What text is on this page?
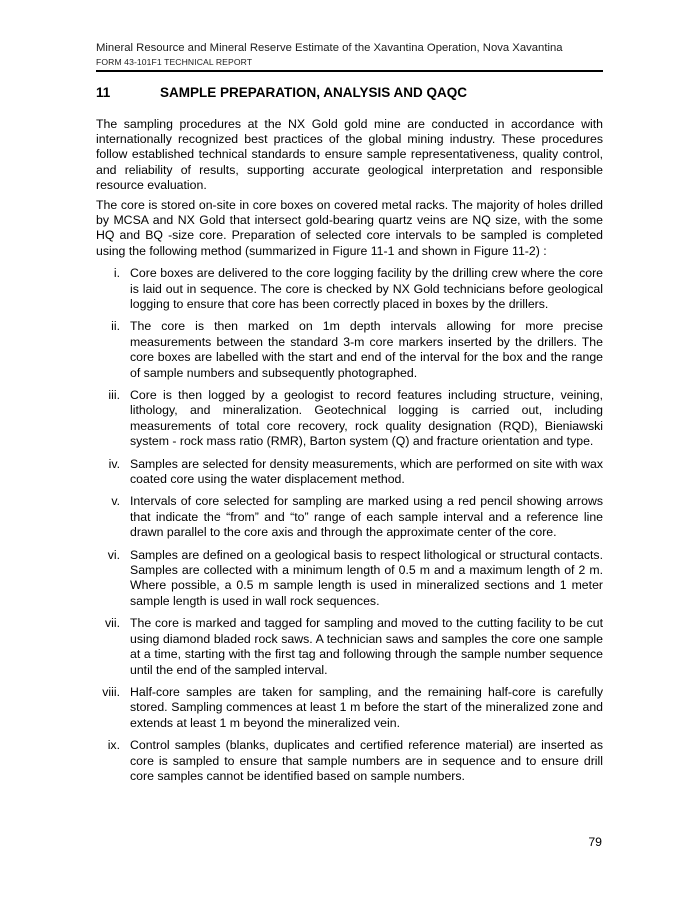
Mineral Resource and Mineral Reserve Estimate of the Xavantina Operation, Nova Xavantina
FORM 43-101F1 TECHNICAL REPORT
11	SAMPLE PREPARATION, ANALYSIS AND QAQC

The sampling procedures at the NX Gold gold mine are conducted in accordance with internationally recognized best practices of the global mining industry. These procedures follow established technical standards to ensure sample representativeness, quality control, and reliability of results, supporting accurate geological interpretation and responsible resource evaluation.

The core is stored on-site in core boxes on covered metal racks. The majority of holes drilled by MCSA and NX Gold that intersect gold-bearing quartz veins are NQ size, with the some HQ and BQ -size core. Preparation of selected core intervals to be sampled is completed using the following method (summarized in Figure 11-1 and shown in Figure 11-2) :

i. Core boxes are delivered to the core logging facility by the drilling crew where the core is laid out in sequence. The core is checked by NX Gold technicians before geological logging to ensure that core has been correctly placed in boxes by the drillers.
ii. The core is then marked on 1m depth intervals allowing for more precise measurements between the standard 3-m core markers inserted by the drillers. The core boxes are labelled with the start and end of the interval for the box and the range of sample numbers and subsequently photographed.
iii. Core is then logged by a geologist to record features including structure, veining, lithology, and mineralization. Geotechnical logging is carried out, including measurements of total core recovery, rock quality designation (RQD), Bieniawski system - rock mass ratio (RMR), Barton system (Q) and fracture orientation and type.
iv. Samples are selected for density measurements, which are performed on site with wax coated core using the water displacement method.
v. Intervals of core selected for sampling are marked using a red pencil showing arrows that indicate the “from” and “to” range of each sample interval and a reference line drawn parallel to the core axis and through the approximate center of the core.
vi. Samples are defined on a geological basis to respect lithological or structural contacts. Samples are collected with a minimum length of 0.5 m and a maximum length of 2 m. Where possible, a 0.5 m sample length is used in mineralized sections and 1 meter sample length is used in wall rock sequences.
vii. The core is marked and tagged for sampling and moved to the cutting facility to be cut using diamond bladed rock saws. A technician saws and samples the core one sample at a time, starting with the first tag and following through the sample number sequence until the end of the sampled interval.
viii. Half-core samples are taken for sampling, and the remaining half-core is carefully stored. Sampling commences at least 1 m before the start of the mineralized zone and extends at least 1 m beyond the mineralized vein.
ix. Control samples (blanks, duplicates and certified reference material) are inserted as core is sampled to ensure that sample numbers are in sequence and to ensure drill core samples cannot be identified based on sample numbers.
79
